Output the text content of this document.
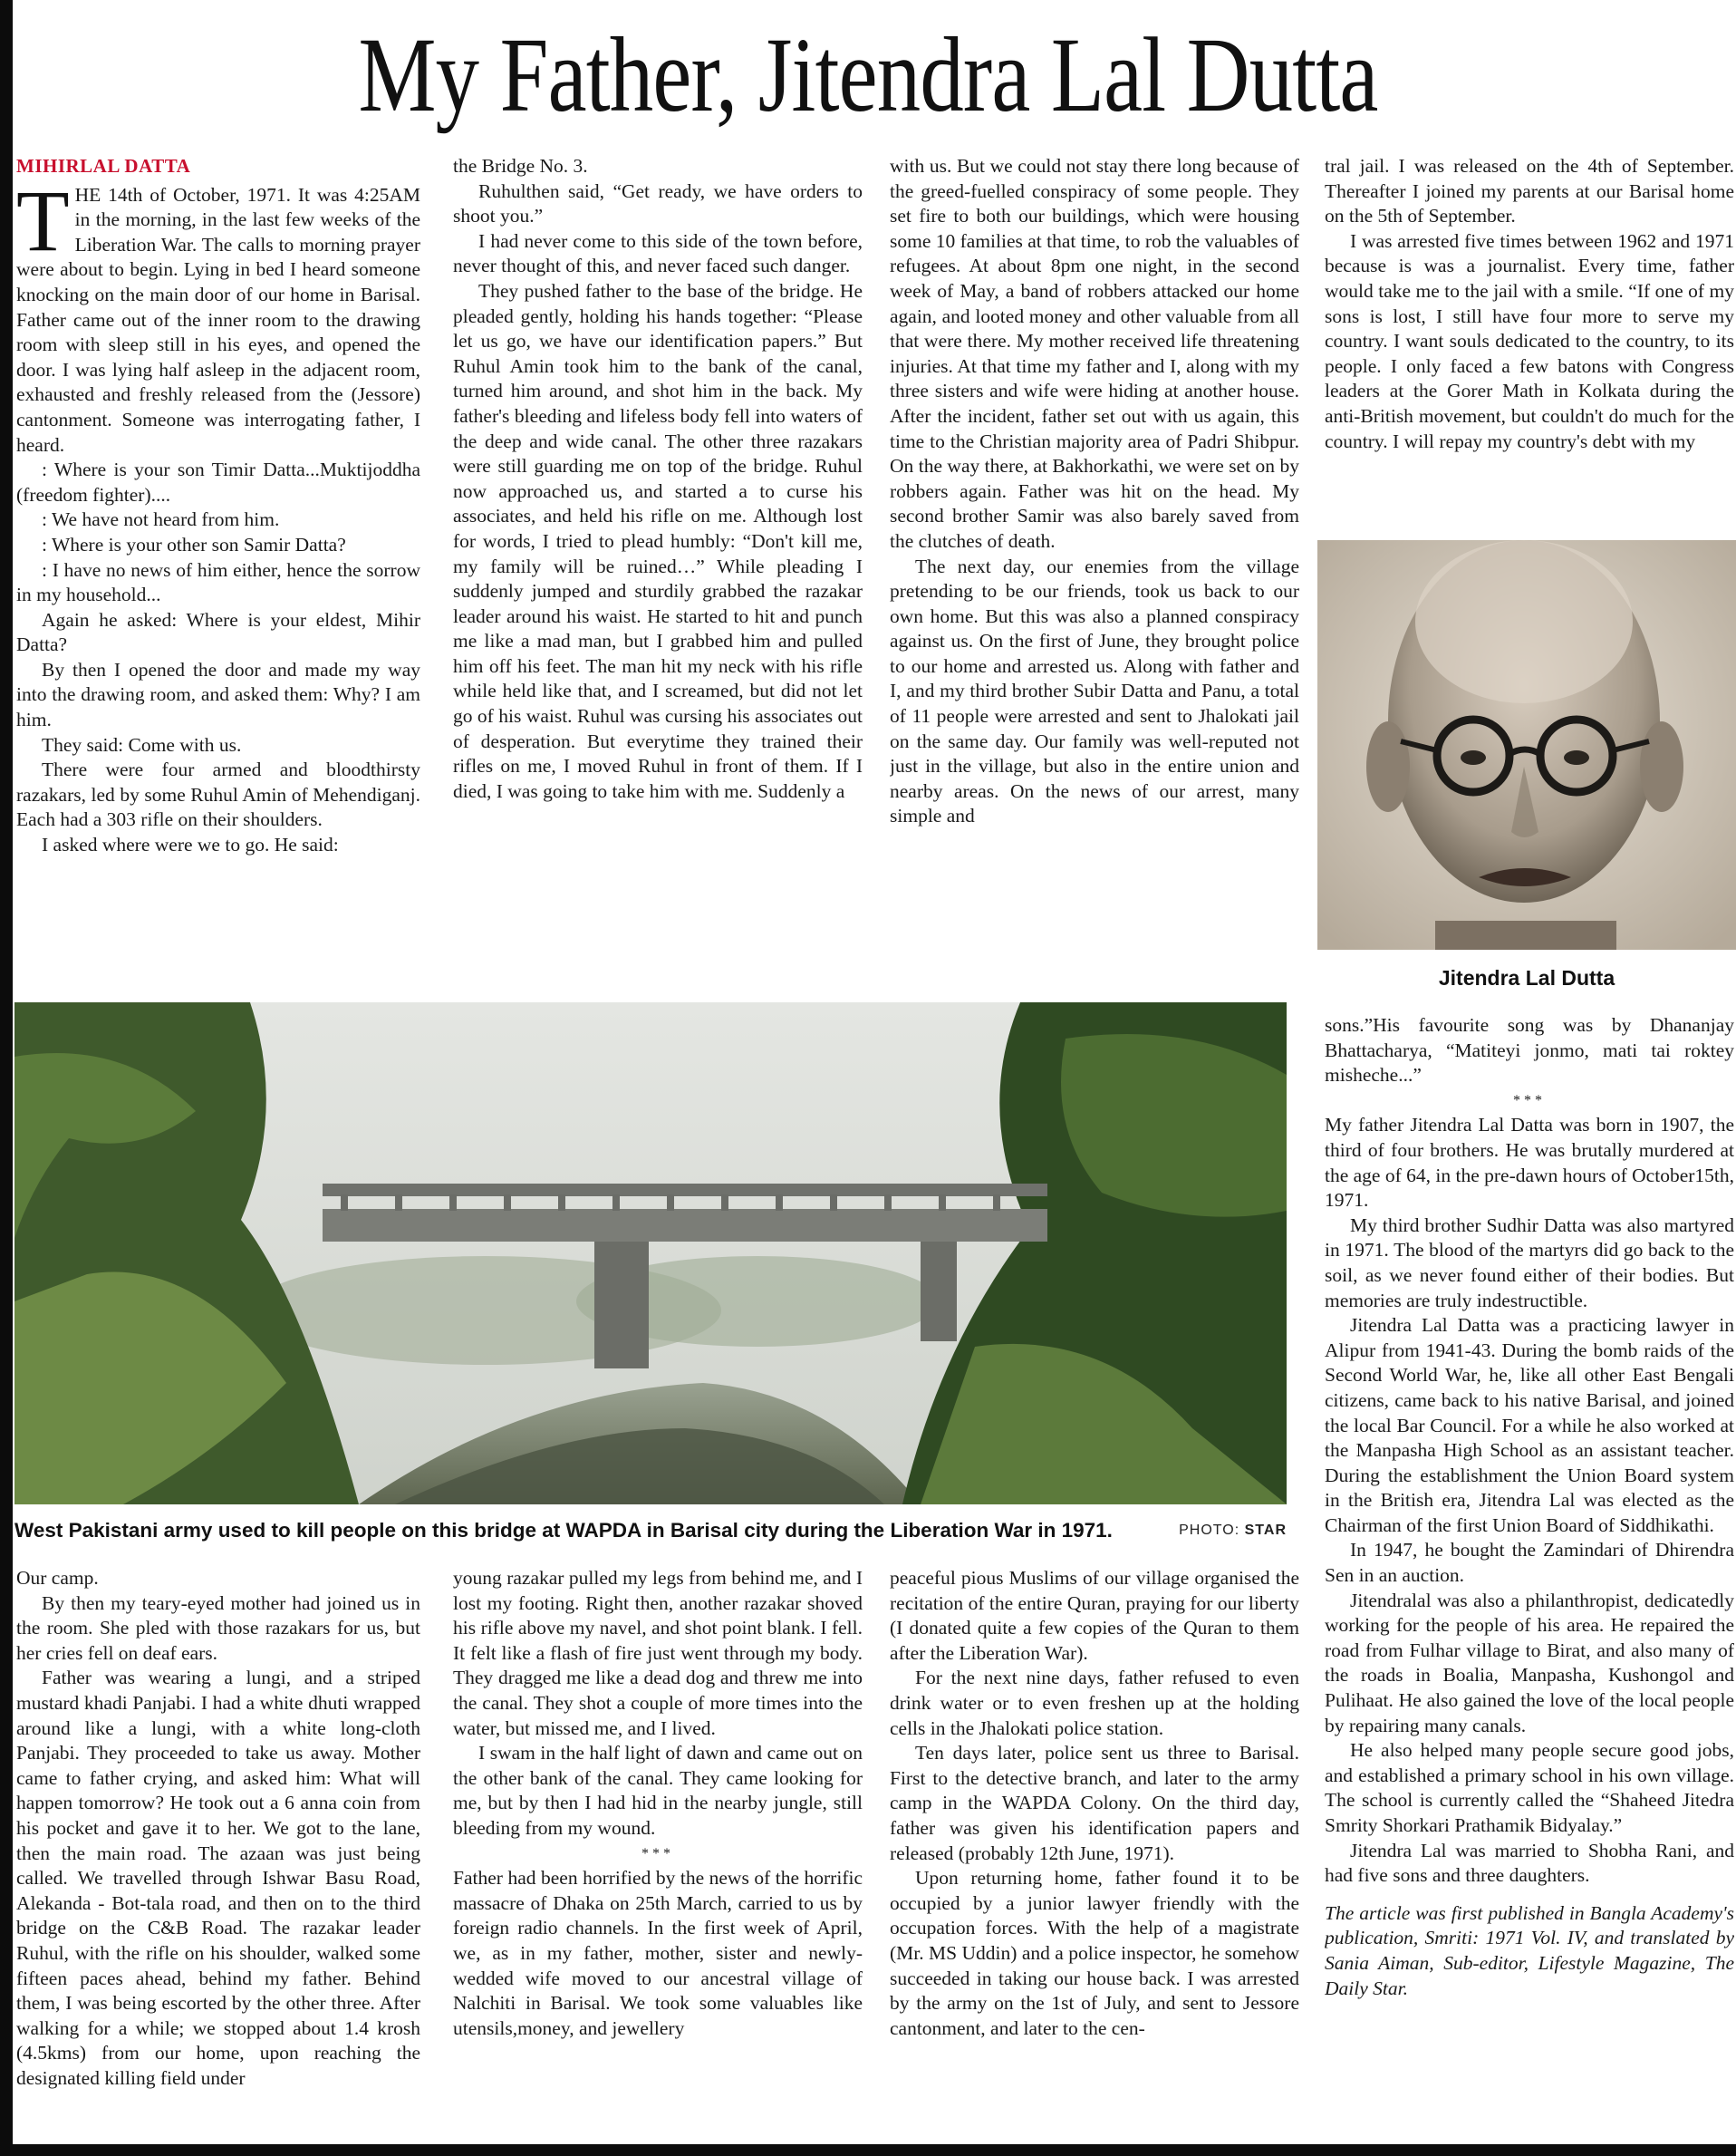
My Father, Jitendra Lal Dutta
MIHIRLAL DATTA

THE 14th of October, 1971. It was 4:25AM in the morning, in the last few weeks of the Liberation War. The calls to morning prayer were about to begin. Lying in bed I heard someone knocking on the main door of our home in Barisal. Father came out of the inner room to the drawing room with sleep still in his eyes, and opened the door. I was lying half asleep in the adjacent room, exhausted and freshly released from the (Jessore) cantonment. Someone was interrogating father, I heard.

: Where is your son Timir Datta...Muktijoddha (freedom fighter)....

: We have not heard from him.

: Where is your other son Samir Datta?

: I have no news of him either, hence the sorrow in my household...

Again he asked: Where is your eldest, Mihir Datta?

By then I opened the door and made my way into the drawing room, and asked them: Why? I am him.

They said: Come with us.

There were four armed and bloodthirsty razakars, led by some Ruhul Amin of Mehendiganj. Each had a 303 rifle on their shoulders.

I asked where were we to go. He said:

the Bridge No. 3.

Ruhulthen said, “Get ready, we have orders to shoot you.”

I had never come to this side of the town before, never thought of this, and never faced such danger.

They pushed father to the base of the bridge. He pleaded gently, holding his hands together: “Please let us go, we have our identification papers.” But Ruhul Amin took him to the bank of the canal, turned him around, and shot him in the back. My father's bleeding and lifeless body fell into waters of the deep and wide canal. The other three razakars were still guarding me on top of the bridge. Ruhul now approached us, and started a to curse his associates, and held his rifle on me. Although lost for words, I tried to plead humbly: “Don't kill me, my family will be ruined…” While pleading I suddenly jumped and sturdily grabbed the razakar leader around his waist. He started to hit and punch me like a mad man, but I grabbed him and pulled him off his feet. The man hit my neck with his rifle while held like that, and I screamed, but did not let go of his waist. Ruhul was cursing his associates out of desperation. But everytime they trained their rifles on me, I moved Ruhul in front of them. If I died, I was going to take him with me. Suddenly a

with us. But we could not stay there long because of the greed-fuelled conspiracy of some people. They set fire to both our buildings, which were housing some 10 families at that time, to rob the valuables of refugees. At about 8pm one night, in the second week of May, a band of robbers attacked our home again, and looted money and other valuable from all that were there. My mother received life threatening injuries. At that time my father and I, along with my three sisters and wife were hiding at another house. After the incident, father set out with us again, this time to the Christian majority area of Padri Shibpur. On the way there, at Bakhorkathi, we were set on by robbers again. Father was hit on the head. My second brother Samir was also barely saved from the clutches of death.

The next day, our enemies from the village pretending to be our friends, took us back to our own home. But this was also a planned conspiracy against us. On the first of June, they brought police to our home and arrested us. Along with father and I, and my third brother Subir Datta and Panu, a total of 11 people were arrested and sent to Jhalokati jail on the same day. Our family was well-reputed not just in the village, but also in the entire union and nearby areas. On the news of our arrest, many simple and

tral jail. I was released on the 4th of September. Thereafter I joined my parents at our Barisal home on the 5th of September.

I was arrested five times between 1962 and 1971 because is was a journalist. Every time, father would take me to the jail with a smile. “If one of my sons is lost, I still have four more to serve my country. I want souls dedicated to the country, to its people. I only faced a few batons with Congress leaders at the Gorer Math in Kolkata during the anti-British movement, but couldn't do much for the country. I will repay my country's debt with my

Jitendra Lal Dutta

sons.”His favourite song was by Dhananjay Bhattacharya, “Matiteyi jonmo, mati tai roktey misheche...”

***

My father Jitendra Lal Datta was born in 1907, the third of four brothers. He was brutally murdered at the age of 64, in the pre-dawn hours of October15th, 1971.

My third brother Sudhir Datta was also martyred in 1971. The blood of the martyrs did go back to the soil, as we never found either of their bodies. But memories are truly indestructible.

Jitendra Lal Datta was a practicing lawyer in Alipur from 1941-43. During the bomb raids of the Second World War, he, like all other East Bengali citizens, came back to his native Barisal, and joined the local Bar Council. For a while he also worked at the Manpasha High School as an assistant teacher. During the establishment the Union Board system in the British era, Jitendra Lal was elected as the Chairman of the first Union Board of Siddhikathi.

In 1947, he bought the Zamindari of Dhirendra Sen in an auction.

Jitendralal was also a philanthropist, dedicatedly working for the people of his area. He repaired the road from Fulhar village to Birat, and also many of the roads in Boalia, Manpasha, Kushongol and Pulihaat. He also gained the love of the local people by repairing many canals.

He also helped many people secure good jobs, and established a primary school in his own village. The school is currently called the “Shaheed Jitedra Smrity Shorkari Prathamik Bidyalay.”

Jitendra Lal was married to Shobha Rani, and had five sons and three daughters.

The article was first published in Bangla Academy's publication, Smriti: 1971 Vol. IV, and translated by Sania Aiman, Sub-editor, Lifestyle Magazine, The Daily Star.

West Pakistani army used to kill people on this bridge at WAPDA in Barisal city during the Liberation War in 1971.	PHOTO: STAR

Our camp.

By then my teary-eyed mother had joined us in the room. She pled with those razakars for us, but her cries fell on deaf ears.

Father was wearing a lungi, and a striped mustard khadi Panjabi. I had a white dhuti wrapped around like a lungi, with a white long-cloth Panjabi. They proceeded to take us away. Mother came to father crying, and asked him: What will happen tomorrow? He took out a 6 anna coin from his pocket and gave it to her. We got to the lane, then the main road. The azaan was just being called. We travelled through Ishwar Basu Road, Alekanda - Bot-tala road, and then on to the third bridge on the C&B Road. The razakar leader Ruhul, with the rifle on his shoulder, walked some fifteen paces ahead, behind my father. Behind them, I was being escorted by the other three. After walking for a while; we stopped about 1.4 krosh (4.5kms) from our home, upon reaching the designated killing field under

young razakar pulled my legs from behind me, and I lost my footing. Right then, another razakar shoved his rifle above my navel, and shot point blank. I fell. It felt like a flash of fire just went through my body. They dragged me like a dead dog and threw me into the canal. They shot a couple of more times into the water, but missed me, and I lived.

I swam in the half light of dawn and came out on the other bank of the canal. They came looking for me, but by then I had hid in the nearby jungle, still bleeding from my wound.

***

Father had been horrified by the news of the horrific massacre of Dhaka on 25th March, carried to us by foreign radio channels. In the first week of April, we, as in my father, mother, sister and newly-wedded wife moved to our ancestral village of Nalchiti in Barisal. We took some valuables like utensils,money, and jewellery

peaceful pious Muslims of our village organised the recitation of the entire Quran, praying for our liberty (I donated quite a few copies of the Quran to them after the Liberation War).

For the next nine days, father refused to even drink water or to even freshen up at the holding cells in the Jhalokati police station.

Ten days later, police sent us three to Barisal. First to the detective branch, and later to the army camp in the WAPDA Colony. On the third day, father was given his identification papers and released (probably 12th June, 1971).

Upon returning home, father found it to be occupied by a junior lawyer friendly with the occupation forces. With the help of a magistrate (Mr. MS Uddin) and a police inspector, he somehow succeeded in taking our house back. I was arrested by the army on the 1st of July, and sent to Jessore cantonment, and later to the cen-
